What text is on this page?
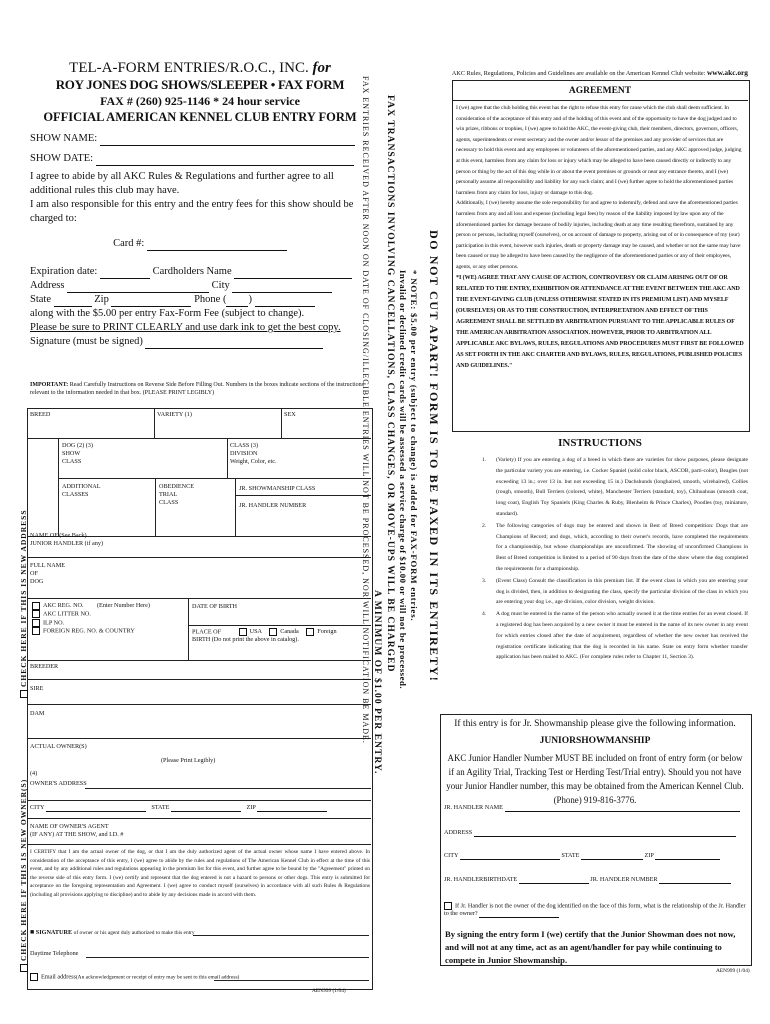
TEL-A-FORM ENTRIES/R.O.C., INC. for
ROY JONES DOG SHOWS/SLEEPER • FAX FORM
FAX # (260) 925-1146 * 24 hour service
OFFICIAL AMERICAN KENNEL CLUB ENTRY FORM
SHOW NAME:
SHOW DATE:
I agree to abide by all AKC Rules & Regulations and further agree to all additional rules this club may have.
I am also responsible for this entry and the entry fees for this show should be charged to:
Card #:
Expiration date:	Cardholders Name
Address	City
State	Zip	Phone ( )
along with the $5.00 per entry Fax-Form Fee (subject to change).
Please be sure to PRINT CLEARLY and use dark ink to get the best copy.
Signature (must be signed)
IMPORTANT: Read Carefully Instructions on Reverse Side Before Filling Out. Numbers in the boxes indicate sections of the instructions relevant to the information needed in that box. (PLEASE PRINT LEGIBLY)
BREED	VARIETY (1)	SEX
DOG (2) (3)
SHOW
CLASS
CLASS (3)
DIVISION
Weight, Color, etc.
ADDITIONAL
CLASSES
OBEDIENCE
TRIAL
CLASS
JR. SHOWMANSHIP CLASS
JR. HANDLER NUMBER
NAME OF (See Back)
JUNIOR HANDLER (if any)
FULL NAME
OF
DOG
AKC REG. NO.
AKC LITTER NO.
ILP NO.
FOREIGN REG. NO. & COUNTRY
(Enter Number Here)	DATE OF BIRTH
PLACE OF	USA	Canada	Foreign
BIRTH (Do not print the above in catalog).
BREEDER
SIRE
DAM
ACTUAL OWNER(S)
(Please Print Legibly)
(4)
OWNER'S ADDRESS
CITY	STATE	ZIP
NAME OF OWNER'S AGENT
(IF ANY) AT THE SHOW, and I.D. #
I CERTIFY that I am the actual owner of the dog, or that I am the duly authorized agent of the actual owner whose name I have entered above. In consideration of the acceptance of this entry, I (we) agree to abide by the rules and regulations of The American Kennel Club in effect at the time of this event, and by any additional rules and regulations appearing in the premium list for this event, and further agree to be bound by the "Agreement" printed on the reverse side of this entry form. I (we) certify and represent that the dog entered is not a hazard to persons or other dogs. This entry is submitted for acceptance on the foregoing representation and Agreement. I (we) agree to conduct myself (ourselves) in accordance with all such Rules & Regulations (including all provisions applying to discipline) and to abide by any decisions made in accord with them.
■ SIGNATURE of owner or his agent duly authorized to make this entry
Daytime Telephone
Email address(An acknowledgement or receipt of entry may be sent to this email address)
AEN999 (1/04)
CHECK HERE IF THIS IS NEW ADDRESS
CHECK HERE IF THIS IS NEW OWNER(S)
FAX ENTRIES RECEIVED AFTER NOON ON DATE OF CLOSING/ILLEGIBLE ENTRIES WILL NOT BE PROCESSED, NOR WILL NOTIFICATION BE MADE. FAX TRANSACTIONS INVOLVING CANCELLATIONS, CLASS CHANGES, OR MOVE-UPS WILL BE CHARGED
A MINIMUM OF $1.00 PER ENTRY. Invalid or declined credit cards will be assessed a service charge of $10.00 or will not be processed. * NOTE: $5.00 per entry (subject to change) is added for FAX-FORM entries. DO NOT CUT APART! FORM IS TO BE FAXED IN ITS ENTIRETY!
AKC Rules, Regulations, Policies and Guidelines are available on the American Kennel Club website: www.akc.org
AGREEMENT
I (we) agree that the club holding this event has the right to refuse this entry for cause which the club shall deem sufficient. In consideration of the acceptance of this entry and of the holding of this event and of the opportunity to have the dog judged and to win prizes, ribbons or trophies, I (we) agree to hold the AKC, the event-giving club, their members, directors, governors, officers, agents, superintendents or event secretary and the owner and/or lessor of the premises and any provider of services that are necessary to hold this event and any employees or volunteers of the aforementioned parties, and any AKC approved judge, judging at this event, harmless from any claim for loss or injury which may be alleged to have been caused directly or indirectly to any person or thing by the act of this dog while in or about the event premises or grounds or near any entrance thereto, and I (we) personally assume all responsibility and liability for any such claim; and I (we) further agree to hold the aforementioned parties harmless from any claim for loss, injury or damage to this dog.
Additionally, I (we) hereby assume the sole responsibility for and agree to indemnify, defend and save the aforementioned parties harmless from any and all loss and expense (including legal fees) by reason of the liability imposed by law upon any of the aforementioned parties for damage because of bodily injuries, including death at any time resulting therefrom, sustained by any person or persons, including myself (ourselves), or on account of damage to property, arising out of or in consequence of my (our) participation in this event, however such injuries, death or property damage may be caused, and whether or not the same may have been caused or may be alleged to have been caused by the negligence of the aforementioned parties or any of their employees, agents, or any other persons.
*I (WE) AGREE THAT ANY CAUSE OF ACTION, CONTROVERSY OR CLAIM ARISING OUT OF OR RELATED TO THE ENTRY, EXHIBITION OR ATTENDANCE AT THE EVENT BETWEEN THE AKC AND THE EVENT-GIVING CLUB (UNLESS OTHERWISE STATED IN ITS PREMIUM LIST) AND MYSELF (OURSELVES) OR AS TO THE CONSTRUCTION, INTERPRETATION AND EFFECT OF THIS AGREEMENT SHALL BE SETTLED BY ARBITRATION PURSUANT TO THE APPLICABLE RULES OF THE AMERICAN ARBITRATION ASSOCIATION. HOWEVER, PRIOR TO ARBITRATION ALL APPLICABLE AKC BYLAWS, RULES, REGULATIONS AND PROCEDURES MUST FIRST BE FOLLOWED AS SET FORTH IN THE AKC CHARTER AND BYLAWS, RULES, REGULATIONS, PUBLISHED POLICIES AND GUIDELINES."
INSTRUCTIONS
1.	(Variety) If you are entering a dog of a breed in which there are varieties for show purposes, please designate the particular variety you are entering, i.e. Cocker Spaniel (solid color black, ASCOB, parti-color), Beagles (not exceeding 13 in.; over 13 in. but not exceeding 15 in.) Dachshunds (longhaired, smooth, wirehaired), Collies (rough, smooth), Bull Terriers (colored, white), Manchester Terriers (standard, toy), Chihuahuas (smooth coat, long coat), English Toy Spaniels (King Charles & Ruby, Blenheim & Prince Charles), Poodles (toy, miniature, standard).
2.	The following categories of dogs may be entered and shown in Best of Breed competition: Dogs that are Champions of Record; and dogs, which, according to their owner's records, have completed the requirements for a championship, but whose championships are unconfirmed. The showing of unconfirmed Champions in Best of Breed competition is limited to a period of 90 days from the date of the show where the dog completed the requirements for a championship.
3.	(Event Class) Consult the classification in this premium list. If the event class in which you are entering your dog is divided, then, in addition to designating the class, specify the particular division of the class in which you are entering your dog i.e., age division, color division, weight division.
4.	A dog must be entered in the name of the person who actually owned it at the time entries for an event closed. If a registered dog has been acquired by a new owner it must be entered in the name of its new owner in any event for which entries closed after the date of acquirement, regardless of whether the new owner has received the registration certificate indicating that the dog is recorded in his name. State on entry form whether transfer application has been mailed to AKC. (For complete rules refer to Chapter 11, Section 3).
If this entry is for Jr. Showmanship please give the following information.
JUNIORSHOWMANSHIP
AKC Junior Handler Number MUST BE included on front of entry form (or below if an Agility Trial, Tracking Test or Herding Test/Trial entry). Should you not have your Junior Handler number, this may be obtained from the American Kennel Club. (Phone) 919-816-3776.
JR. HANDLER NAME
ADDRESS
CITY	STATE	ZIP
JR. HANDLERBIRTHDATE	JR. HANDLER NUMBER
If Jr. Handler is not the owner of the dog identified on the face of this form, what is the relationship of the Jr. Handler to the owner?
By signing the entry form I (we) certify that the Junior Showman does not now, and will not at any time, act as an agent/handler for pay while continuing to compete in Junior Showmanship.
AEN999 (1/04)
